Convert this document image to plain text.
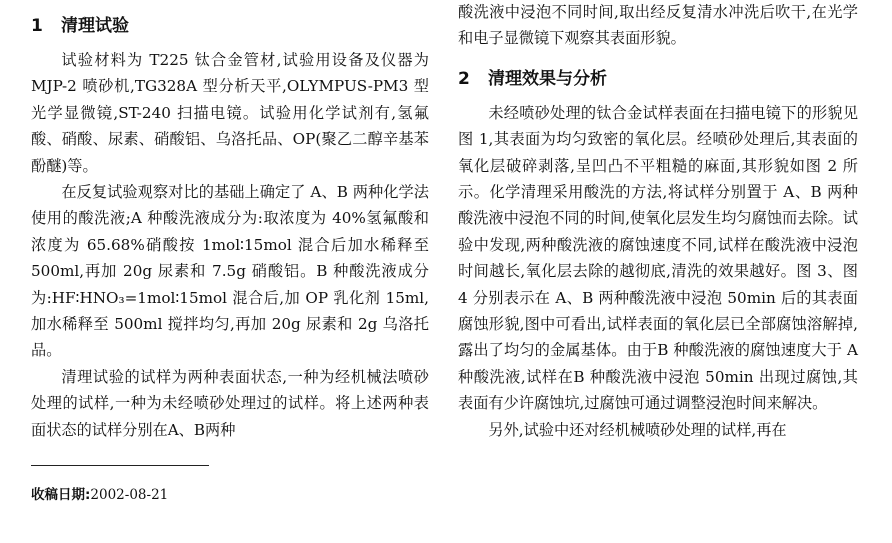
1 清理试验

试验材料为 T225 钛合金管材,试验用设备及仪器为 MJP-2 喷砂机,TG328A 型分析天平,OLYMPUS-PM3 型光学显微镜,ST-240 扫描电镜。试验用化学试剂有,氢氟酸、硝酸、尿素、硝酸铝、乌洛托品、OP(聚乙二醇辛基苯酚醚)等。

在反复试验观察对比的基础上确定了 A、B 两种化学法使用的酸洗液;A 种酸洗液成分为:取浓度为 40%氢氟酸和浓度为 65.68%硝酸按 1mol∶15mol 混合后加水稀释至 500ml,再加 20g 尿素和 7.5g 硝酸铝。B 种酸洗液成分为:HF∶HNO₃=1mol∶15mol 混合后,加 OP 乳化剂 15ml,加水稀释至 500ml 搅拌均匀,再加 20g 尿素和 2g 乌洛托品。

清理试验的试样为两种表面状态,一种为经机械法喷砂处理的试样,一种为未经喷砂处理过的试样。将上述两种表面状态的试样分别在A、B两种

收稿日期:2002-08-21

酸洗液中浸泡不同时间,取出经反复清水冲洗后吹干,在光学和电子显微镜下观察其表面形貌。

2 清理效果与分析

未经喷砂处理的钛合金试样表面在扫描电镜下的形貌见图 1,其表面为均匀致密的氧化层。经喷砂处理后,其表面的氧化层破碎剥落,呈凹凸不平粗糙的麻面,其形貌如图 2 所示。化学清理采用酸洗的方法,将试样分别置于 A、B 两种酸洗液中浸泡不同的时间,使氧化层发生均匀腐蚀而去除。试验中发现,两种酸洗液的腐蚀速度不同,试样在酸洗液中浸泡时间越长,氧化层去除的越彻底,清洗的效果越好。图 3、图 4 分别表示在 A、B 两种酸洗液中浸泡 50min 后的其表面腐蚀形貌,图中可看出,试样表面的氧化层已全部腐蚀溶解掉,露出了均匀的金属基体。由于B 种酸洗液的腐蚀速度大于 A 种酸洗液,试样在B 种酸洗液中浸泡 50min 出现过腐蚀,其表面有少许腐蚀坑,过腐蚀可通过调整浸泡时间来解决。

另外,试验中还对经机械喷砂处理的试样,再在
